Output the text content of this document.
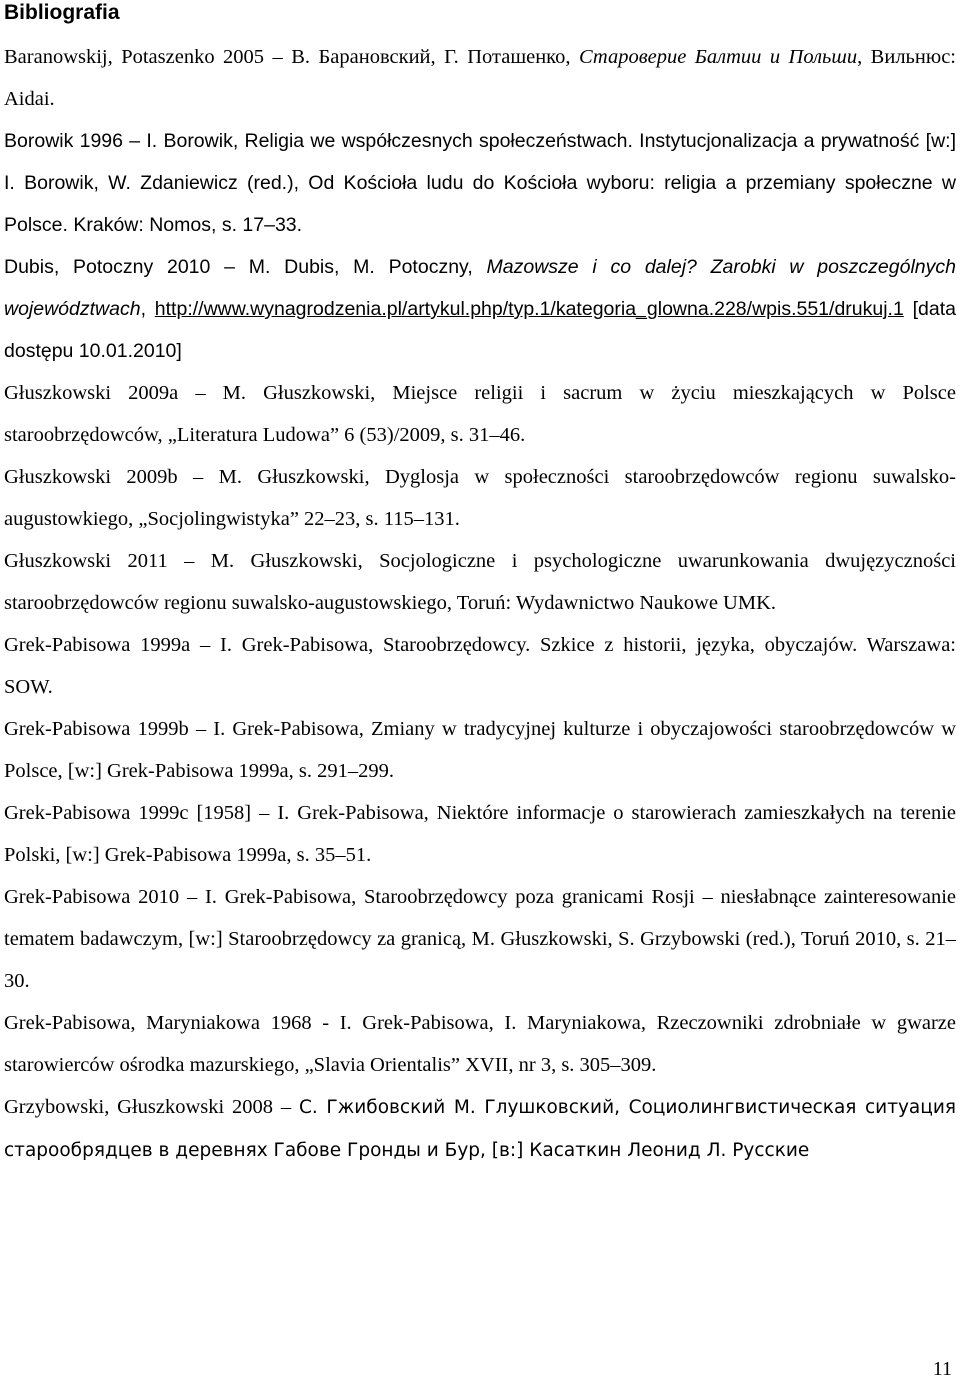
Bibliografia

Baranowskij, Potaszenko 2005 – В. Барановский, Г. Поташенко, Староверие Балтии и Польши, Вильнюс: Aidai.

Borowik 1996 – I. Borowik, Religia we współczesnych społeczeństwach. Instytucjonalizacja a prywatność [w:] I. Borowik, W. Zdaniewicz (red.), Od Kościoła ludu do Kościoła wyboru: religia a przemiany społeczne w Polsce. Kraków: Nomos, s. 17–33.

Dubis, Potoczny 2010 – M. Dubis, M. Potoczny, Mazowsze i co dalej? Zarobki w poszczególnych województwach, http://www.wynagrodzenia.pl/artykul.php/typ.1/kategoria_glowna.228/wpis.551/drukuj.1 [data dostępu 10.01.2010]

Głuszkowski 2009a – M. Głuszkowski, Miejsce religii i sacrum w życiu mieszkających w Polsce staroobrzędowców, „Literatura Ludowa” 6 (53)/2009, s. 31–46.

Głuszkowski 2009b – M. Głuszkowski, Dyglosja w społeczności staroobrzędowców regionu suwalsko-augustowkiego, „Socjolingwistyka” 22–23, s. 115–131.

Głuszkowski 2011 – M. Głuszkowski, Socjologiczne i psychologiczne uwarunkowania dwujęzyczności staroobrzędowców regionu suwalsko-augustowskiego, Toruń: Wydawnictwo Naukowe UMK.

Grek-Pabisowa 1999a – I. Grek-Pabisowa, Staroobrzędowcy. Szkice z historii, języka, obyczajów. Warszawa: SOW.

Grek-Pabisowa 1999b – I. Grek-Pabisowa, Zmiany w tradycyjnej kulturze i obyczajowości staroobrzędowców w Polsce, [w:] Grek-Pabisowa 1999a, s. 291–299.

Grek-Pabisowa 1999c [1958] – I. Grek-Pabisowa, Niektóre informacje o starowierach zamieszkałych na terenie Polski, [w:] Grek-Pabisowa 1999a, s. 35–51.

Grek-Pabisowa 2010 – I. Grek-Pabisowa, Staroobrzędowcy poza granicami Rosji – niesłabnące zainteresowanie tematem badawczym, [w:] Staroobrzędowcy za granicą, M. Głuszkowski, S. Grzybowski (red.), Toruń 2010, s. 21–30.

Grek-Pabisowa, Maryniakowa 1968 - I. Grek-Pabisowa, I. Maryniakowa, Rzeczowniki zdrobniałe w gwarze starowierców ośrodka mazurskiego, „Slavia Orientalis” XVII, nr 3, s. 305–309.

Grzybowski, Głuszkowski 2008 – С. Гжибовский М. Глушковский, Социолингвистическая ситуация старообрядцев в деревнях Габове Гронды и Бур, [в:] Касаткин Леонид Л. Русские

11
